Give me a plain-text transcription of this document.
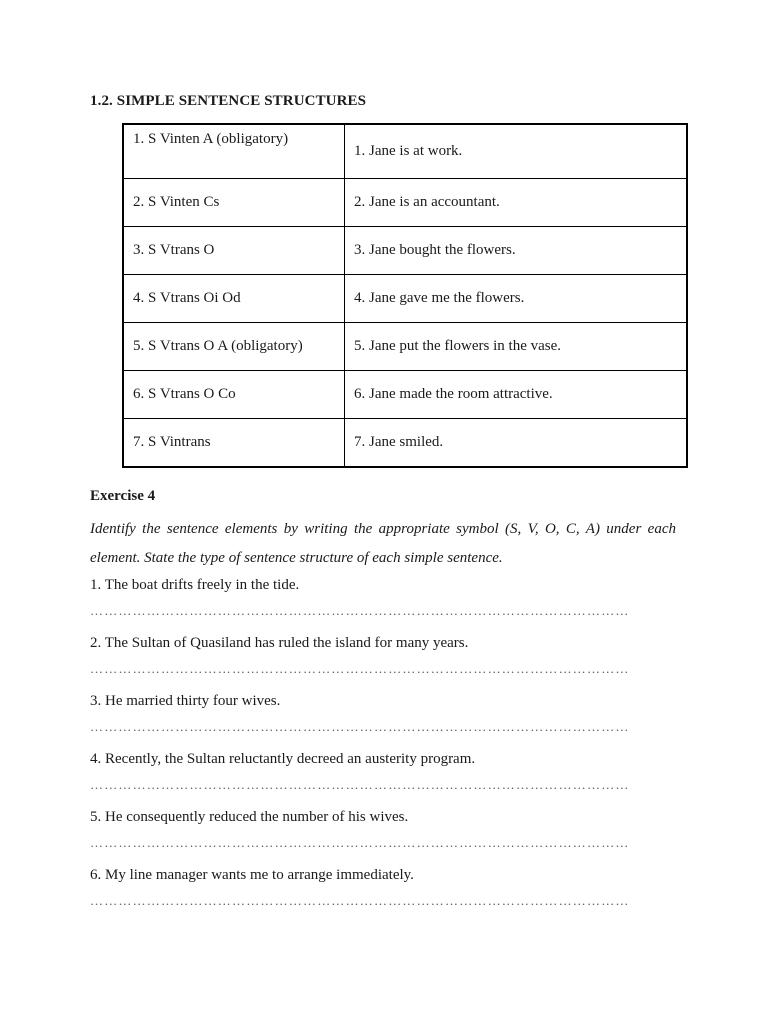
1.2. SIMPLE SENTENCE STRUCTURES
1. S Vinten A (obligatory)	1. Jane is at work.
2. S Vinten Cs	2. Jane is an accountant.
3. S Vtrans O	3. Jane bought the flowers.
4. S Vtrans Oi Od	4. Jane gave me the flowers.
5. S Vtrans O A (obligatory)	5. Jane put the flowers in the vase.
6. S Vtrans O Co	6. Jane made the room attractive.
7. S Vintrans	7. Jane smiled.
Exercise 4
Identify the sentence elements by writing the appropriate symbol (S, V, O, C, A) under each element. State the type of sentence structure of each simple sentence.
1. The boat drifts freely in the tide.
……………………………………………………………………………………………………
2. The Sultan of Quasiland has ruled the island for many years.
……………………………………………………………………………………………………
3. He married thirty four wives.
……………………………………………………………………………………………………
4. Recently, the Sultan reluctantly decreed an austerity program.
……………………………………………………………………………………………………
5. He consequently reduced the number of his wives.
……………………………………………………………………………………………………
6. My line manager wants me to arrange immediately.
……………………………………………………………………………………………………
